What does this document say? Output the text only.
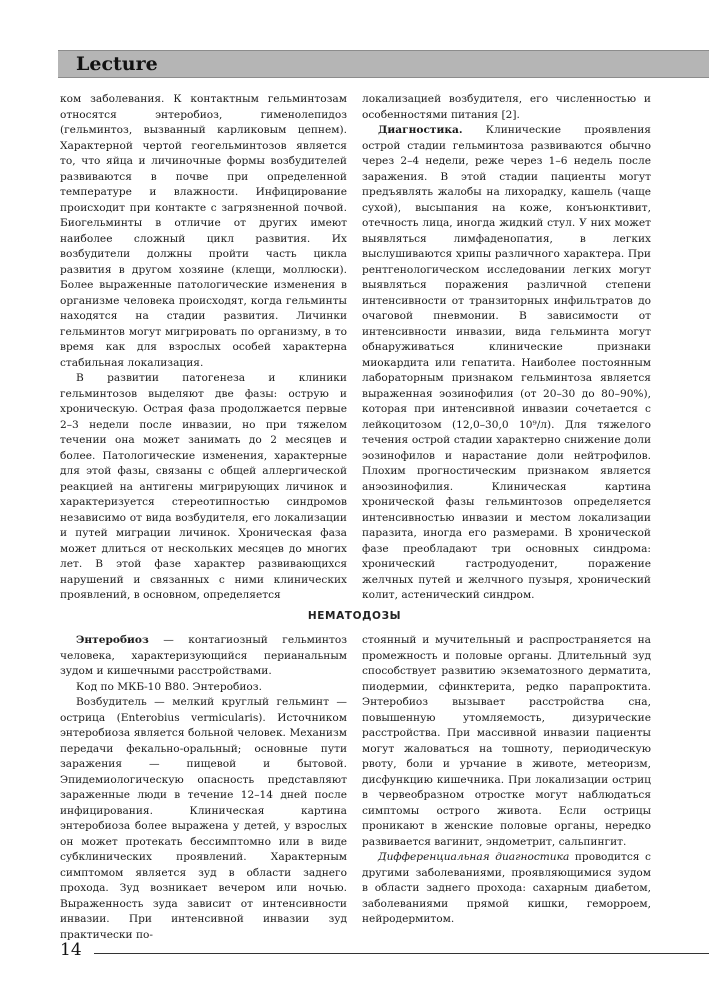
Lecture

ком заболевания. К контактным гельминтозам относятся энтеробиоз, гименолепидоз (гельминтоз, вызванный карликовым цепнем). Характерной чертой геогельминтозов является то, что яйца и личиночные формы возбудителей развиваются в почве при определенной температуре и влажности. Инфицирование происходит при контакте с загрязненной почвой. Биогельминты в отличие от других имеют наиболее сложный цикл развития. Их возбудители должны пройти часть цикла развития в другом хозяине (клещи, моллюски). Более выраженные патологические изменения в организме человека происходят, когда гельминты находятся на стадии развития. Личинки гельминтов могут мигрировать по организму, в то время как для взрослых особей характерна стабильная локализация.

В развитии патогенеза и клиники гельминтозов выделяют две фазы: острую и хроническую. Острая фаза продолжается первые 2–3 недели после инвазии, но при тяжелом течении она может занимать до 2 месяцев и более. Патологические изменения, характерные для этой фазы, связаны с общей аллергической реакцией на антигены мигрирующих личинок и характеризуется стереотипностью синдромов независимо от вида возбудителя, его локализации и путей миграции личинок. Хроническая фаза может длиться от нескольких месяцев до многих лет. В этой фазе характер развивающихся нарушений и связанных с ними клинических проявлений, в основном, определяется

локализацией возбудителя, его численностью и особенностями питания [2].

Диагностика. Клинические проявления острой стадии гельминтоза развиваются обычно через 2–4 недели, реже через 1–6 недель после заражения. В этой стадии пациенты могут предъявлять жалобы на лихорадку, кашель (чаще сухой), высыпания на коже, конъюнктивит, отечность лица, иногда жидкий стул. У них может выявляться лимфаденопатия, в легких выслушиваются хрипы различного характера. При рентгенологическом исследовании легких могут выявляться поражения различной степени интенсивности от транзиторных инфильтратов до очаговой пневмонии. В зависимости от интенсивности инвазии, вида гельминта могут обнаруживаться клинические признаки миокардита или гепатита. Наиболее постоянным лабораторным признаком гельминтоза является выраженная эозинофилия (от 20–30 до 80–90%), которая при интенсивной инвазии сочетается с лейкоцитозом (12,0–30,0 10⁹/л). Для тяжелого течения острой стадии характерно снижение доли эозинофилов и нарастание доли нейтрофилов. Плохим прогностическим признаком является анэозинофилия. Клиническая картина хронической фазы гельминтозов определяется интенсивностью инвазии и местом локализации паразита, иногда его размерами. В хронической фазе преобладают три основных синдрома: хронический гастродуоденит, поражение желчных путей и желчного пузыря, хронический колит, астенический синдром.

НЕМАТОДОЗЫ

Энтеробиоз — контагиозный гельминтоз человека, характеризующийся перианальным зудом и кишечными расстройствами.

Код по МКБ-10 B80. Энтеробиоз.

Возбудитель — мелкий круглый гельминт — острица (Enterobius vermicularis). Источником энтеробиоза является больной человек. Механизм передачи фекально-оральный; основные пути заражения — пищевой и бытовой. Эпидемиологическую опасность представляют зараженные люди в течение 12–14 дней после инфицирования. Клиническая картина энтеробиоза более выражена у детей, у взрослых он может протекать бессимптомно или в виде субклинических проявлений. Характерным симптомом является зуд в области заднего прохода. Зуд возникает вечером или ночью. Выраженность зуда зависит от интенсивности инвазии. При интенсивной инвазии зуд практически по-

стоянный и мучительный и распространяется на промежность и половые органы. Длительный зуд способствует развитию экзематозного дерматита, пиодермии, сфинктерита, редко парапроктита. Энтеробиоз вызывает расстройства сна, повышенную утомляемость, дизурические расстройства. При массивной инвазии пациенты могут жаловаться на тошноту, периодическую рвоту, боли и урчание в животе, метеоризм, дисфункцию кишечника. При локализации остриц в червеобразном отростке могут наблюдаться симптомы острого живота. Если острицы проникают в женские половые органы, нередко развивается вагинит, эндометрит, сальпингит.

Дифференциальная диагностика проводится с другими заболеваниями, проявляющимися зудом в области заднего прохода: сахарным диабетом, заболеваниями прямой кишки, геморроем, нейродермитом.

14
